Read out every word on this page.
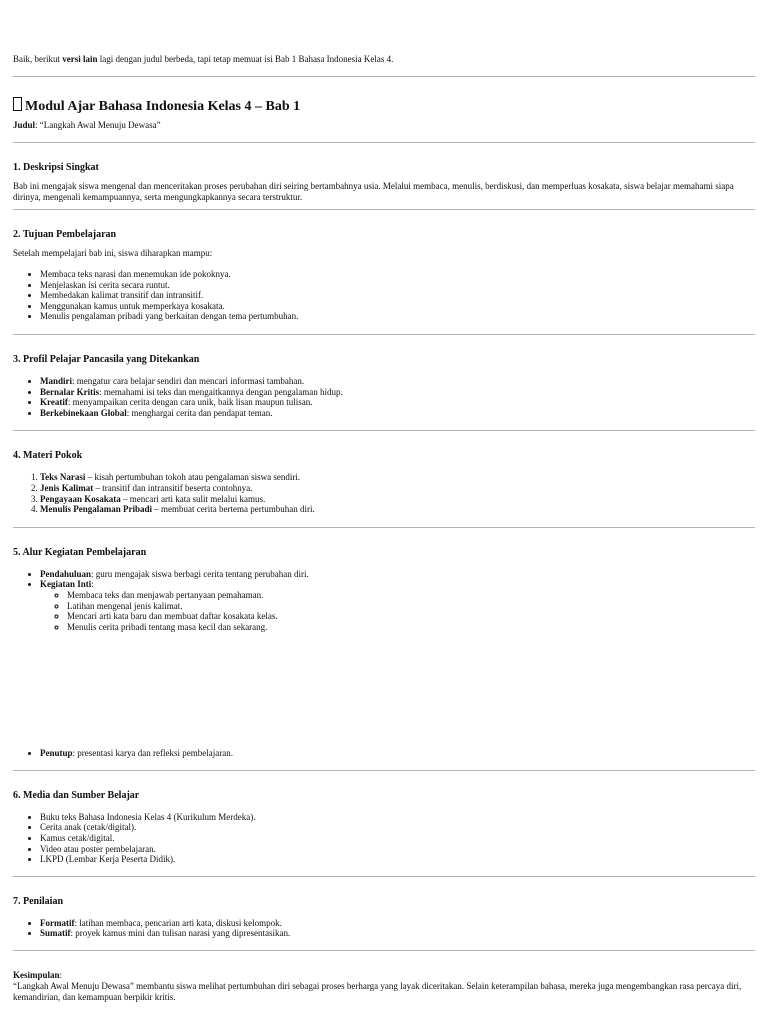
Baik, berikut versi lain lagi dengan judul berbeda, tapi tetap memuat isi Bab 1 Bahasa Indonesia Kelas 4.

Modul Ajar Bahasa Indonesia Kelas 4 – Bab 1

Judul: “Langkah Awal Menuju Dewasa”

1. Deskripsi Singkat

Bab ini mengajak siswa mengenal dan menceritakan proses perubahan diri seiring bertambahnya usia. Melalui membaca, menulis, berdiskusi, dan memperluas kosakata, siswa belajar memahami siapa dirinya, mengenali kemampuannya, serta mengungkapkannya secara terstruktur.

2. Tujuan Pembelajaran

Setelah mempelajari bab ini, siswa diharapkan mampu:

• Membaca teks narasi dan menemukan ide pokoknya.
• Menjelaskan isi cerita secara runtut.
• Membedakan kalimat transitif dan intransitif.
• Menggunakan kamus untuk memperkaya kosakata.
• Menulis pengalaman pribadi yang berkaitan dengan tema pertumbuhan.
3. Profil Pelajar Pancasila yang Ditekankan
• Mandiri: mengatur cara belajar sendiri dan mencari informasi tambahan.
• Bernalar Kritis: memahami isi teks dan mengaitkannya dengan pengalaman hidup.
• Kreatif: menyampaikan cerita dengan cara unik, baik lisan maupun tulisan.
• Berkebinekaan Global: menghargai cerita dan pendapat teman.
4. Materi Pokok
1. Teks Narasi – kisah pertumbuhan tokoh atau pengalaman siswa sendiri.
2. Jenis Kalimat – transitif dan intransitif beserta contohnya.
3. Pengayaan Kosakata – mencari arti kata sulit melalui kamus.
4. Menulis Pengalaman Pribadi – membuat cerita bertema pertumbuhan diri.
5. Alur Kegiatan Pembelajaran
• Pendahuluan: guru mengajak siswa berbagi cerita tentang perubahan diri.
• Kegiatan Inti:
◦ Membaca teks dan menjawab pertanyaan pemahaman.
◦ Latihan mengenal jenis kalimat.
◦ Mencari arti kata baru dan membuat daftar kosakata kelas.
◦ Menulis cerita pribadi tentang masa kecil dan sekarang.
• Penutup: presentasi karya dan refleksi pembelajaran.
6. Media dan Sumber Belajar
• Buku teks Bahasa Indonesia Kelas 4 (Kurikulum Merdeka).
• Cerita anak (cetak/digital).
• Kamus cetak/digital.
• Video atau poster pembelajaran.
• LKPD (Lembar Kerja Peserta Didik).
7. Penilaian
• Formatif: latihan membaca, pencarian arti kata, diskusi kelompok.
• Sumatif: proyek kamus mini dan tulisan narasi yang dipresentasikan.

Kesimpulan:

“Langkah Awal Menuju Dewasa” membantu siswa melihat pertumbuhan diri sebagai proses berharga yang layak diceritakan. Selain keterampilan bahasa, mereka juga mengembangkan rasa percaya diri, kemandirian, dan kemampuan berpikir kritis.
